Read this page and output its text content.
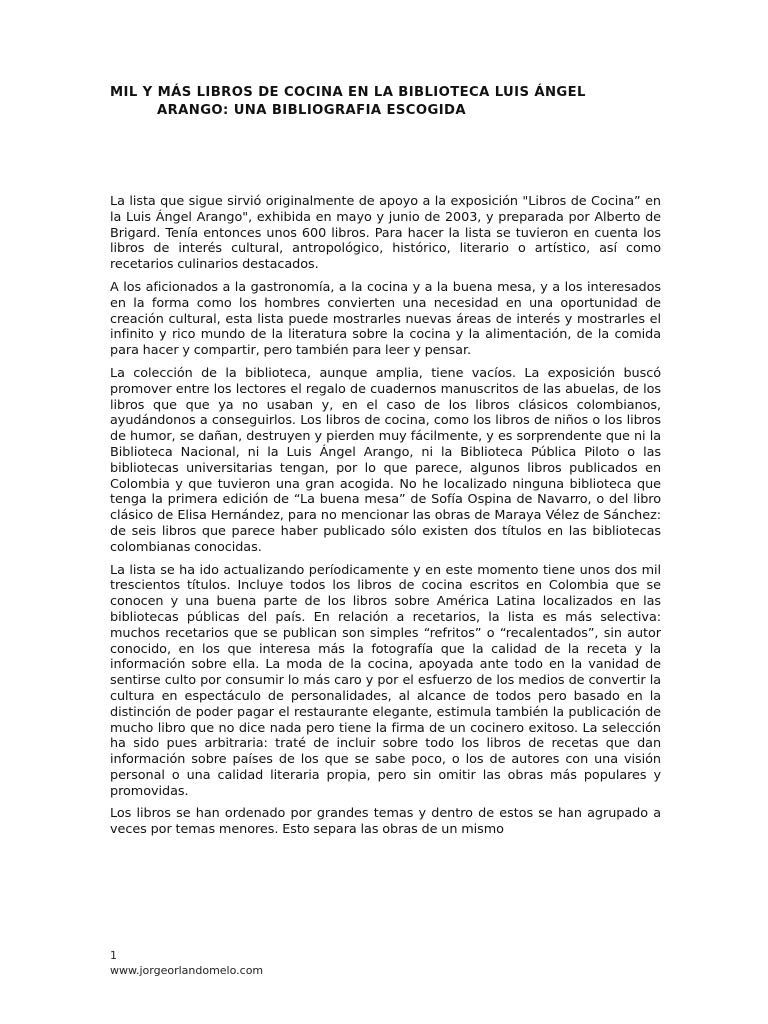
MIL Y MÁS LIBROS DE COCINA EN LA BIBLIOTECA LUIS ÁNGEL
ARANGO: UNA BIBLIOGRAFIA ESCOGIDA

La lista que sigue sirvió originalmente de apoyo a la exposición "Libros de Cocina” en la Luis Ángel Arango", exhibida en mayo y junio de 2003, y preparada por Alberto de Brigard. Tenía entonces unos 600 libros. Para hacer la lista se tuvieron en cuenta los libros de interés cultural, antropológico, histórico, literario o artístico, así como recetarios culinarios destacados.

A los aficionados a la gastronomía, a la cocina y a la buena mesa, y a los interesados en la forma como los hombres convierten una necesidad en una oportunidad de creación cultural, esta lista puede mostrarles nuevas áreas de interés y mostrarles el infinito y rico mundo de la literatura sobre la cocina y la alimentación, de la comida para hacer y compartir, pero también para leer y pensar.

La colección de la biblioteca, aunque amplia, tiene vacíos. La exposición buscó promover entre los lectores el regalo de cuadernos manuscritos de las abuelas, de los libros que que ya no usaban y, en el caso de los libros clásicos colombianos, ayudándonos a conseguirlos. Los libros de cocina, como los libros de niños o los libros de humor, se dañan, destruyen y pierden muy fácilmente, y es sorprendente que ni la Biblioteca Nacional, ni la Luis Ángel Arango, ni la Biblioteca Pública Piloto o las bibliotecas universitarias tengan, por lo que parece, algunos libros publicados en Colombia y que tuvieron una gran acogida. No he localizado ninguna biblioteca que tenga la primera edición de “La buena mesa” de Sofía Ospina de Navarro, o del libro clásico de Elisa Hernández, para no mencionar las obras de Maraya Vélez de Sánchez: de seis libros que parece haber publicado sólo existen dos títulos en las bibliotecas colombianas conocidas.

La lista se ha ido actualizando períodicamente y en este momento tiene unos dos mil trescientos títulos. Incluye todos los libros de cocina escritos en Colombia que se conocen y una buena parte de los libros sobre América Latina localizados en las bibliotecas públicas del país. En relación a recetarios, la lista es más selectiva: muchos recetarios que se publican son simples “refritos” o “recalentados”, sin autor conocido, en los que interesa más la fotografía que la calidad de la receta y la información sobre ella. La moda de la cocina, apoyada ante todo en la vanidad de sentirse culto por consumir lo más caro y por el esfuerzo de los medios de convertir la cultura en espectáculo de personalidades, al alcance de todos pero basado en la distinción de poder pagar el restaurante elegante, estimula también la publicación de mucho libro que no dice nada pero tiene la firma de un cocinero exitoso. La selección ha sido pues arbitraria: traté de incluir sobre todo los libros de recetas que dan información sobre países de los que se sabe poco, o los de autores con una visión personal o una calidad literaria propia, pero sin omitir las obras más populares y promovidas.

Los libros se han ordenado por grandes temas y dentro de estos se han agrupado a veces por temas menores. Esto separa las obras de un mismo

1
www.jorgeorlandomelo.com
